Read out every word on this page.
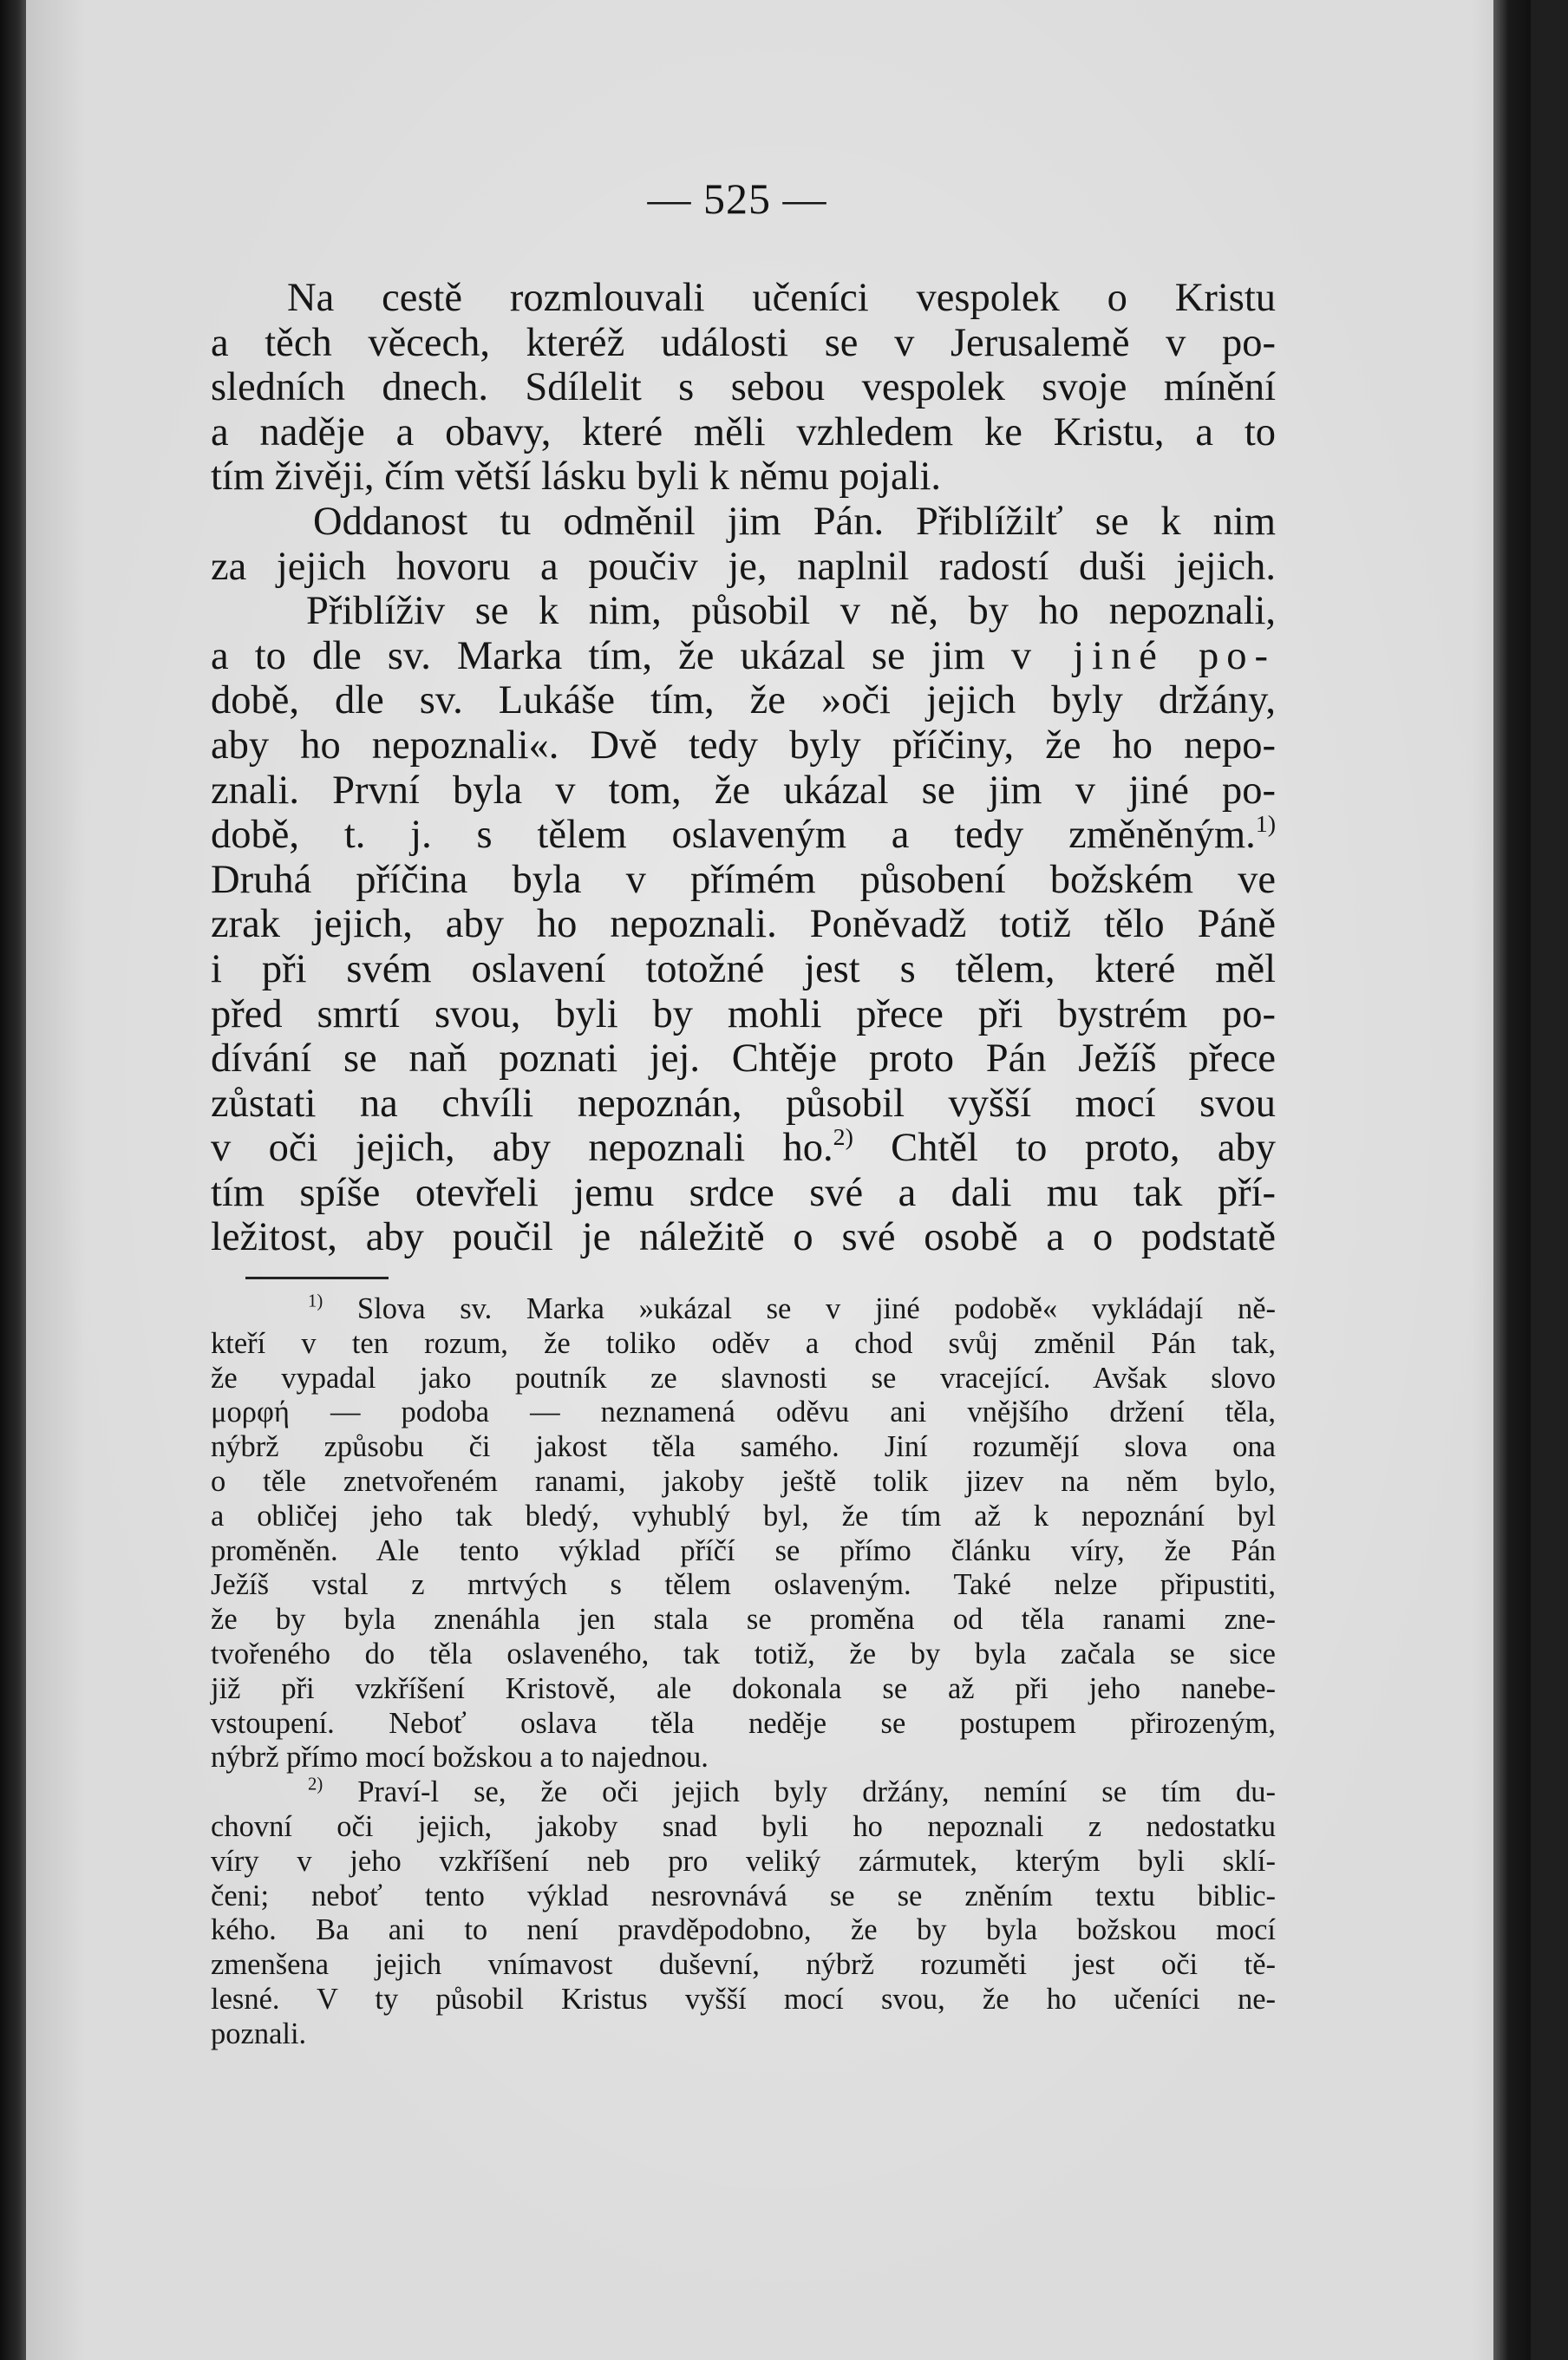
— 525 —
Na cestě rozmlouvali učeníci vespolek o Kristu
a těch věcech, kteréž události se v Jerusalemě v po-
sledních dnech. Sdílelit s sebou vespolek svoje mínění
a naděje a obavy, které měli vzhledem ke Kristu, a to
tím živěji, čím větší lásku byli k němu pojali.
Oddanost tu odměnil jim Pán. Přiblížilť se k nim
za jejich hovoru a poučiv je, naplnil radostí duši jejich.
Přiblíživ se k nim, působil v ně, by ho nepoznali,
a to dle sv. Marka tím, že ukázal se jim v jiné po-
době, dle sv. Lukáše tím, že »oči jejich byly držány,
aby ho nepoznali«. Dvě tedy byly příčiny, že ho nepo-
znali. První byla v tom, že ukázal se jim v jiné po-
době, t. j. s tělem oslaveným a tedy změněným.$^{1)}$
Druhá příčina byla v přímém působení božském ve
zrak jejich, aby ho nepoznali. Poněvadž totiž tělo Páně
i při svém oslavení totožné jest s tělem, které měl
před smrtí svou, byli by mohli přece při bystrém po-
dívání se naň poznati jej. Chtěje proto Pán Ježíš přece
zůstati na chvíli nepoznán, působil vyšší mocí svou
v oči jejich, aby nepoznali ho.$^{2)}$ Chtěl to proto, aby
tím spíše otevřeli jemu srdce své a dali mu tak pří-
ležitost, aby poučil je náležitě o své osobě a o podstatě
$^{1)}$ Slova sv. Marka »ukázal se v jiné podobě« vykládají ně-
kteří v ten rozum, že toliko oděv a chod svůj změnil Pán tak,
že vypadal jako poutník ze slavnosti se vracející. Avšak slovo
μορφή — podoba — neznamená oděvu ani vnějšího držení těla,
nýbrž způsobu či jakost těla samého. Jiní rozumějí slova ona
o těle znetvořeném ranami, jakoby ještě tolik jizev na něm bylo,
a obličej jeho tak bledý, vyhublý byl, že tím až k nepoznání byl
proměněn. Ale tento výklad příčí se přímo článku víry, že Pán
Ježíš vstal z mrtvých s tělem oslaveným. Také nelze připustiti,
že by byla znenáhla jen stala se proměna od těla ranami zne-
tvořeného do těla oslaveného, tak totiž, že by byla začala se sice
již při vzkříšení Kristově, ale dokonala se až při jeho nanebe-
vstoupení. Neboť oslava těla neděje se postupem přirozeným,
nýbrž přímo mocí božskou a to najednou.
$^{2)}$ Praví-l se, že oči jejich byly držány, nemíní se tím du-
chovní oči jejich, jakoby snad byli ho nepoznali z nedostatku
víry v jeho vzkříšení neb pro veliký zármutek, kterým byli sklí-
čeni; neboť tento výklad nesrovnává se se zněním textu biblic-
kého. Ba ani to není pravděpodobno, že by byla božskou mocí
zmenšena jejich vnímavost duševní, nýbrž rozuměti jest oči tě-
lesné. V ty působil Kristus vyšší mocí svou, že ho učeníci ne-
poznali.
